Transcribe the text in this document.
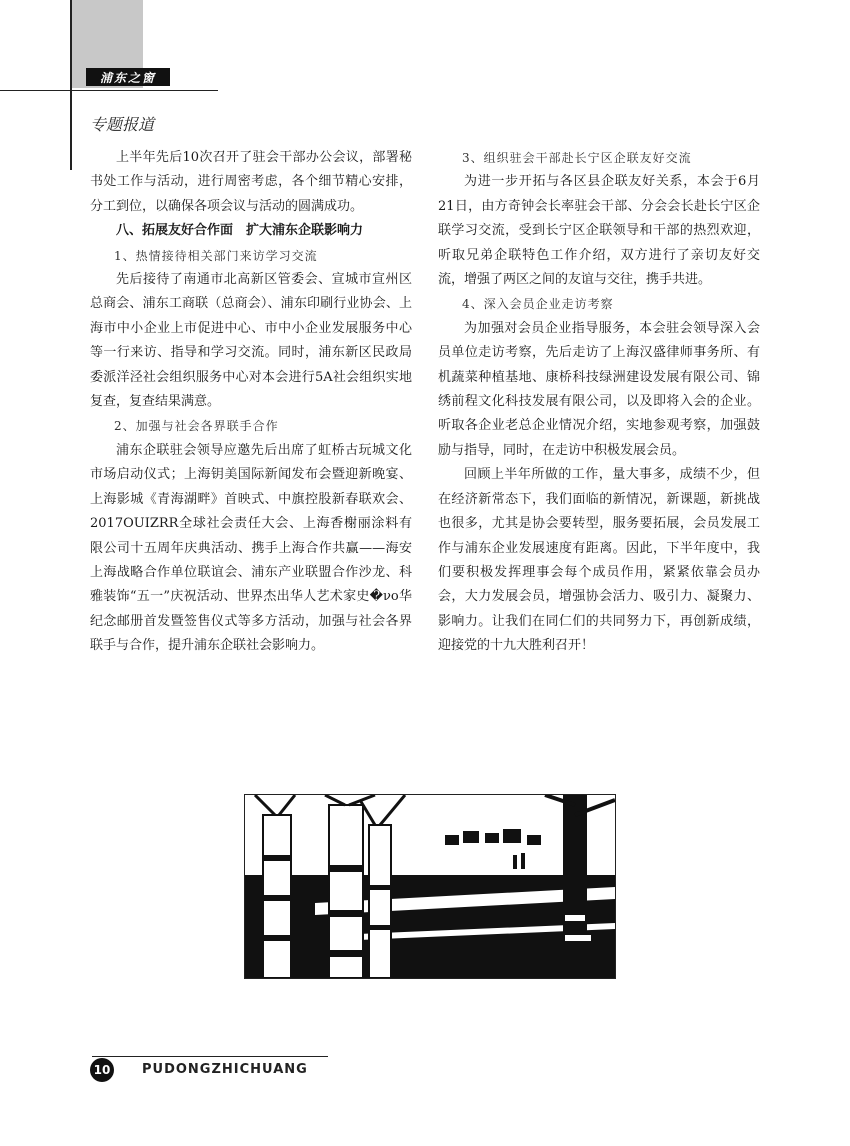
浦东之窗
专题报道

上半年先后10次召开了驻会干部办公会议，部署秘书处工作与活动，进行周密考虑，各个细节精心安排，分工到位，以确保各项会议与活动的圆满成功。

八、拓展友好合作面　扩大浦东企联影响力

1、热情接待相关部门来访学习交流

先后接待了南通市北高新区管委会、宣城市宣州区总商会、浦东工商联（总商会）、浦东印刷行业协会、上海市中小企业上市促进中心、市中小企业发展服务中心等一行来访、指导和学习交流。同时，浦东新区民政局委派洋泾社会组织服务中心对本会进行5A社会组织实地复查，复查结果满意。

2、加强与社会各界联手合作

浦东企联驻会领导应邀先后出席了虹桥古玩城文化市场启动仪式；上海钥美国际新闻发布会暨迎新晚宴、上海影城《青海湖畔》首映式、中旗控股新春联欢会、2017OUIZRR全球社会责任大会、上海香榭丽涂料有限公司十五周年庆典活动、携手上海合作共赢——海安上海战略合作单位联谊会、浦东产业联盟合作沙龙、科雅装饰“五一”庆祝活动、世界杰出华人艺术家史�νο华纪念邮册首发暨签售仪式等多方活动，加强与社会各界联手与合作，提升浦东企联社会影响力。

3、组织驻会干部赴长宁区企联友好交流

为进一步开拓与各区县企联友好关系，本会于6月21日，由方奇钟会长率驻会干部、分会会长赴长宁区企联学习交流，受到长宁区企联领导和干部的热烈欢迎，听取兄弟企联特色工作介绍，双方进行了亲切友好交流，增强了两区之间的友谊与交往，携手共进。

4、深入会员企业走访考察

为加强对会员企业指导服务，本会驻会领导深入会员单位走访考察，先后走访了上海汉盛律师事务所、有机蔬菜种植基地、康桥科技绿洲建设发展有限公司、锦绣前程文化科技发展有限公司，以及即将入会的企业。听取各企业老总企业情况介绍，实地参观考察，加强鼓励与指导，同时，在走访中积极发展会员。

回顾上半年所做的工作，量大事多，成绩不少，但在经济新常态下，我们面临的新情况，新课题，新挑战也很多，尤其是协会要转型，服务要拓展，会员发展工作与浦东企业发展速度有距离。因此，下半年度中，我们要积极发挥理事会每个成员作用，紧紧依靠会员办会，大力发展会员，增强协会活力、吸引力、凝聚力、影响力。让我们在同仁们的共同努力下，再创新成绩，迎接党的十九大胜利召开！

10 PUDONGZHICHUANG
